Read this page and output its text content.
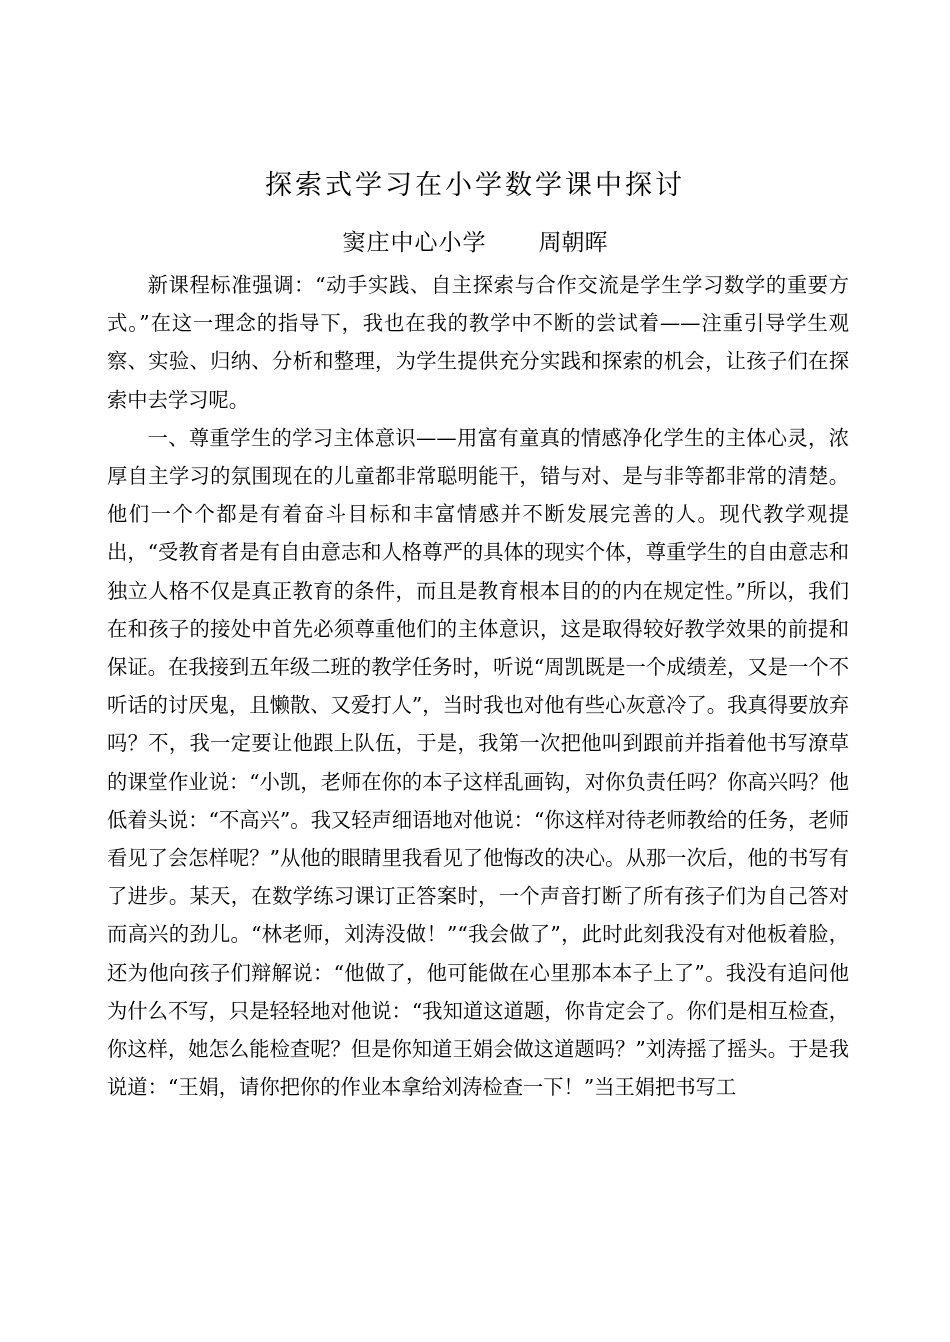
探索式学习在小学数学课中探讨
窦庄中心小学 周朝晖

新课程标准强调：“动手实践、自主探索与合作交流是学生学习数学的重要方式。”在这一理念的指导下，我也在我的教学中不断的尝试着——注重引导学生观察、实验、归纳、分析和整理，为学生提供充分实践和探索的机会，让孩子们在探索中去学习呢。

一、尊重学生的学习主体意识——用富有童真的情感净化学生的主体心灵，浓厚自主学习的氛围现在的儿童都非常聪明能干，错与对、是与非等都非常的清楚。他们一个个都是有着奋斗目标和丰富情感并不断发展完善的人。现代教学观提出，“受教育者是有自由意志和人格尊严的具体的现实个体，尊重学生的自由意志和独立人格不仅是真正教育的条件，而且是教育根本目的的内在规定性。”所以，我们在和孩子的接处中首先必须尊重他们的主体意识，这是取得较好教学效果的前提和保证。在我接到五年级二班的教学任务时，听说“周凯既是一个成绩差，又是一个不听话的讨厌鬼，且懒散、又爱打人”，当时我也对他有些心灰意冷了。我真得要放弃吗？不，我一定要让他跟上队伍，于是，我第一次把他叫到跟前并指着他书写潦草的课堂作业说：“小凯，老师在你的本子这样乱画钩，对你负责任吗？你高兴吗？他低着头说：“不高兴”。我又轻声细语地对他说：“你这样对待老师教给的任务，老师看见了会怎样呢？”从他的眼睛里我看见了他悔改的决心。从那一次后，他的书写有了进步。某天，在数学练习课订正答案时，一个声音打断了所有孩子们为自己答对而高兴的劲儿。“林老师，刘涛没做！”“我会做了”，此时此刻我没有对他板着脸，还为他向孩子们辩解说：“他做了，他可能做在心里那本本子上了”。我没有追问他为什么不写，只是轻轻地对他说：“我知道这道题，你肯定会了。你们是相互检查，你这样，她怎么能检查呢？但是你知道王娟会做这道题吗？”刘涛摇了摇头。于是我说道：“王娟，请你把你的作业本拿给刘涛检查一下！”当王娟把书写工
